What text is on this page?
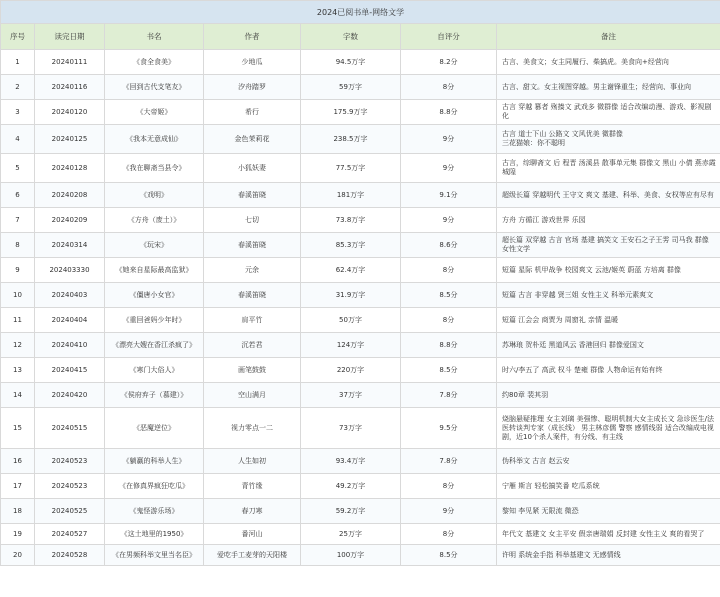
2024已阅书单-网络文学						
序号	读完日期	书名	作者	字数	自评分	备注
1	20240111	《食全食美》	少地瓜	94.5万字	8.2分	古言、美食文；女主同履行、柴搞虎。美食向+经营向
2	20240116	《回到古代支笔友》	汐舟踏罗	59万字	8分	古言、甜文。女主视图穿越。男主谢锋重生；经营向、事业向
3	20240120	《大帝姬》	希行	175.9万字	8.8分	古言 穿越 篡者 殇揍文 武戏多 微群像 适合改编动漫、游戏、影视剧化
4	20240125	《我本无意成仙》	金色茉莉花	238.5万字	9分	古言 道士下山 公路文 文风优美 微群像
三花猫娘：你不聪明
5	20240128	《我在聊斋当县令》	小狐妖妻	77.5万字	9分	古言，综聊斋文 后 程晋 汤溪县 散事单元集 群像文 黑山 小倩 燕赤霞 城隍
6	20240208	《戏明》	春溪笛晓	181万字	9.1分	超级长篇 穿越明代 王守文 爽文 基建、科举、美食、女权等应有尽有
7	20240209	《方舟（废土）》	七切	73.8万字	9分	方舟 方循江 游戏世界 乐园
8	20240314	《玩宋》	春溪笛晓	85.3万字	8.6分	超长篇 双穿越 古言 官场 基建 搞笑文 王安石之子王雱 司马我 群像 女性文学
9	202403330	《她来自星际最高监狱》	元余	62.4万字	8分	短篇 星际 机甲战争 校园爽文 云池/姬英 蔚蓝 方培离 群像
10	20240403	《僵唐小女官》	春溪笛晓	31.9万字	8.5分	短篇 古言 非穿越 贤三姐 女性主义 科举元素爽文
11	20240404	《重回爸妈少年时》	肩平竹	50万字	8分	短篇 江会会 商贾为 周窗礼 亲情 温暖
12	20240410	《漂亮大嫂在香江杀疯了》	沉若君	124万字	8.8分	苏琳琅 贺朴廷 黑道风云 香港回归 群像爱国文
13	20240415	《寒门大俗人》	画笔鼓鼓	220万字	8.5分	时六/李五了 高武 权斗 楚雍 群像 人物命运有始有终
14	20240420	《侯府弃子（慕建）》	空山满月	37万字	7.8分	约80章 裴其羽
15	20240515	《恶魔逆位》	视力零点一二	73万字	9.5分	烧脑悬疑推理 女主刘璃 美强惨、聪明机制大女主成长文 急诊医生/法医转谈判专家（成长线） 男主林彦儒 警察 感情线弱 适合改编成电视剧，近10个杀人案件，有分线、有主线
16	20240523	《躺赢的科举人生》	人生如初	93.4万字	7.8分	伪科举文 古言 赵云安
17	20240523	《在修真界疯狂吃瓜》	青竹缘	49.2万字	8分	宁雁 斯言 轻松搞笑番 吃瓜系统
18	20240525	《鬼怪游乐场》	春刀寒	59.2万字	9分	黎知 李见紧 无限流 微恐
19	20240527	《这土地里的1950》	番河山	25万字	8分	年代文 基建文 女主平安 假亲唐瑞娟 反封建 女性主义 爽的看哭了
20	20240528	《在男频科举文里当名臣》	爱吃手工麦芽的天阳楼	100万字	8.5分	许明 系统金手指 科举基建文 无感情线
